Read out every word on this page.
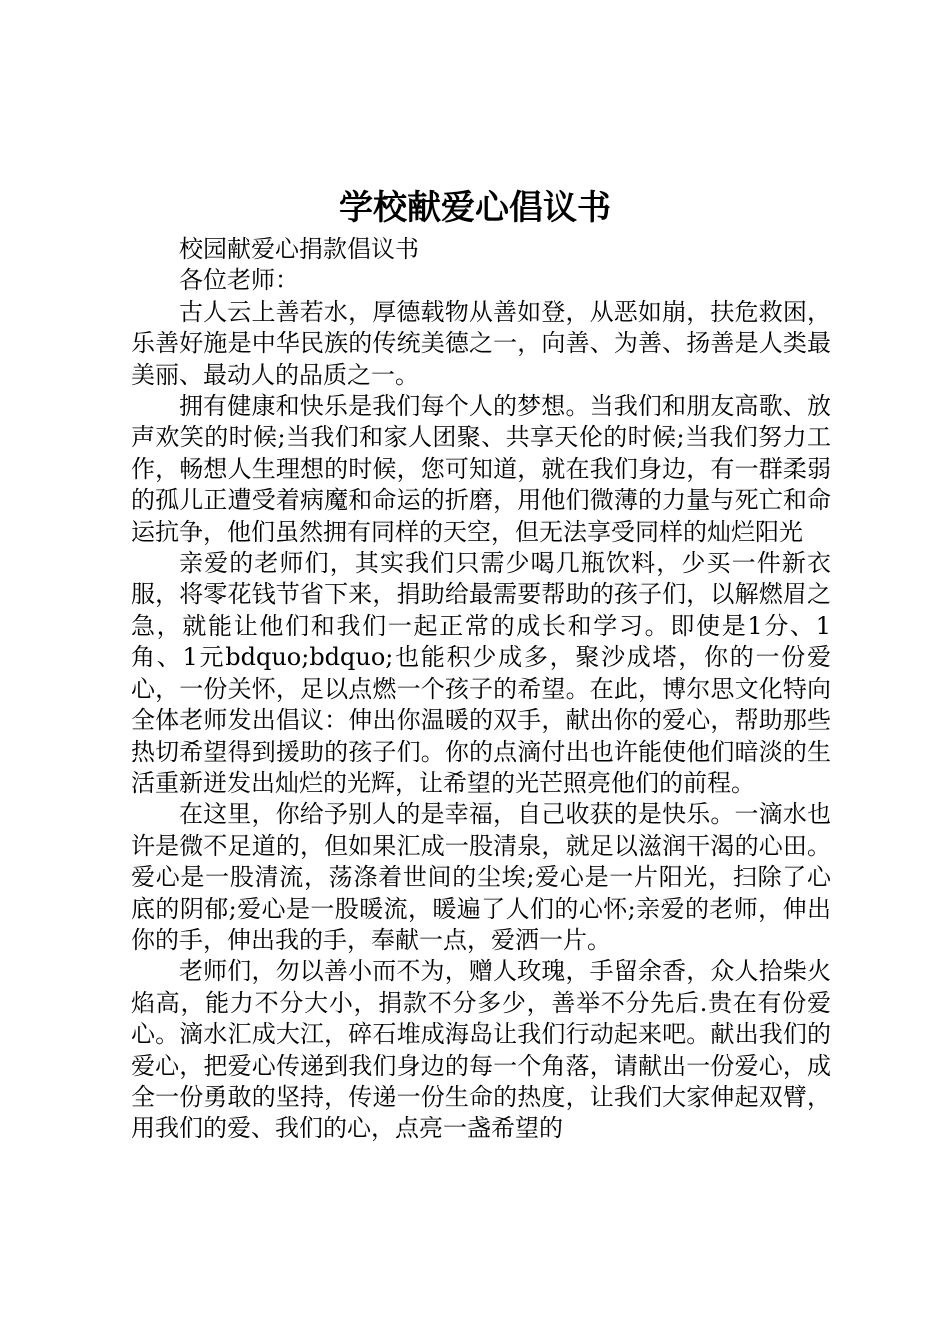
学校献爱心倡议书

校园献爱心捐款倡议书

各位老师：

古人云上善若水，厚德载物从善如登，从恶如崩，扶危救困，乐善好施是中华民族的传统美德之一，向善、为善、扬善是人类最美丽、最动人的品质之一。

拥有健康和快乐是我们每个人的梦想。当我们和朋友高歌、放声欢笑的时候;当我们和家人团聚、共享天伦的时候;当我们努力工作，畅想人生理想的时候，您可知道，就在我们身边，有一群柔弱的孤儿正遭受着病魔和命运的折磨，用他们微薄的力量与死亡和命运抗争，他们虽然拥有同样的天空，但无法享受同样的灿烂阳光

亲爱的老师们，其实我们只需少喝几瓶饮料，少买一件新衣服，将零花钱节省下来，捐助给最需要帮助的孩子们，以解燃眉之急，就能让他们和我们一起正常的成长和学习。即使是1分、1角、1元bdquo;bdquo;也能积少成多，聚沙成塔，你的一份爱心，一份关怀，足以点燃一个孩子的希望。在此，博尔思文化特向全体老师发出倡议：伸出你温暖的双手，献出你的爱心，帮助那些热切希望得到援助的孩子们。你的点滴付出也许能使他们暗淡的生活重新迸发出灿烂的光辉，让希望的光芒照亮他们的前程。

在这里，你给予别人的是幸福，自己收获的是快乐。一滴水也许是微不足道的，但如果汇成一股清泉，就足以滋润干渴的心田。爱心是一股清流，荡涤着世间的尘埃;爱心是一片阳光，扫除了心底的阴郁;爱心是一股暖流，暖遍了人们的心怀;亲爱的老师，伸出你的手，伸出我的手，奉献一点，爱洒一片。

老师们，勿以善小而不为，赠人玫瑰，手留余香，众人拾柴火焰高，能力不分大小，捐款不分多少，善举不分先后.贵在有份爱心。滴水汇成大江，碎石堆成海岛让我们行动起来吧。献出我们的爱心，把爱心传递到我们身边的每一个角落，请献出一份爱心，成全一份勇敢的坚持，传递一份生命的热度，让我们大家伸起双臂，用我们的爱、我们的心，点亮一盏希望的
